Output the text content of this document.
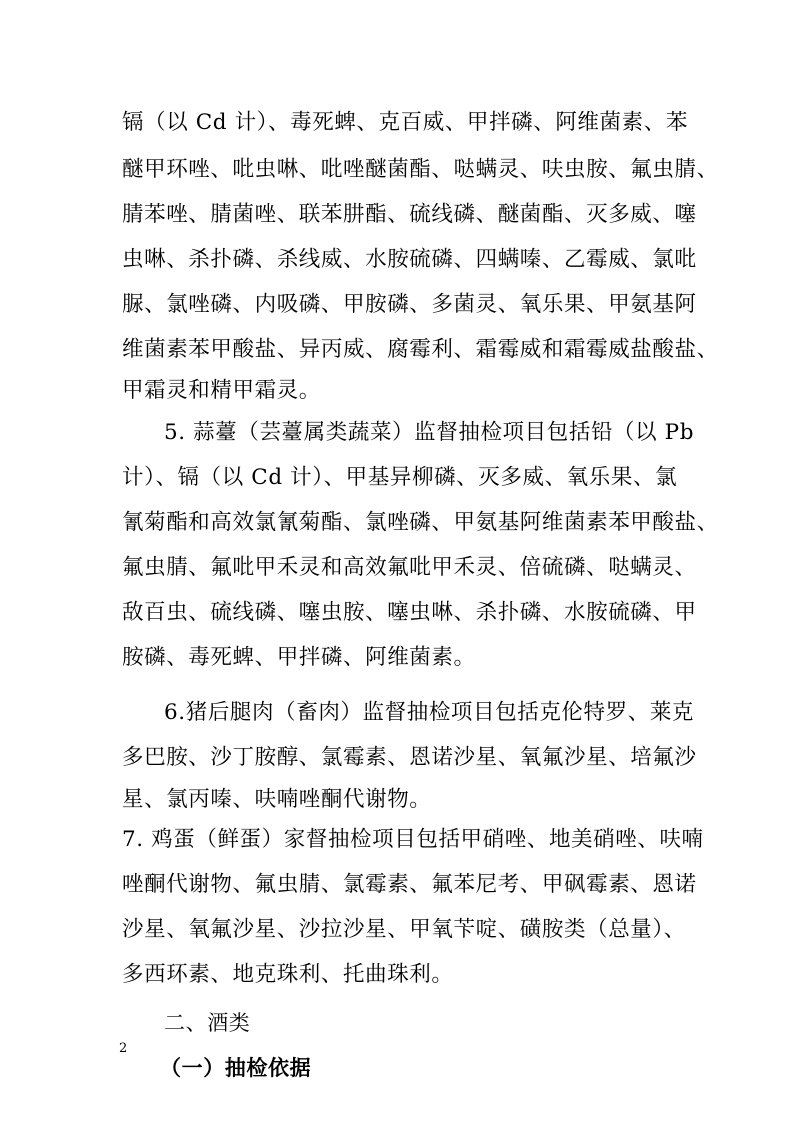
镉（以 Cd 计）、毒死蜱、克百威、甲拌磷、阿维菌素、苯
醚甲环唑、吡虫啉、吡唑醚菌酯、哒螨灵、呋虫胺、氟虫腈、
腈苯唑、腈菌唑、联苯肼酯、硫线磷、醚菌酯、灭多威、噻
虫啉、杀扑磷、杀线威、水胺硫磷、四螨嗪、乙霉威、氯吡
脲、氯唑磷、内吸磷、甲胺磷、多菌灵、氧乐果、甲氨基阿
维菌素苯甲酸盐、异丙威、腐霉利、霜霉威和霜霉威盐酸盐、
甲霜灵和精甲霜灵。
5. 蒜薹（芸薹属类蔬菜）监督抽检项目包括铅（以 Pb
计）、镉（以 Cd 计）、甲基异柳磷、灭多威、氧乐果、氯
氰菊酯和高效氯氰菊酯、氯唑磷、甲氨基阿维菌素苯甲酸盐、
氟虫腈、氟吡甲禾灵和高效氟吡甲禾灵、倍硫磷、哒螨灵、
敌百虫、硫线磷、噻虫胺、噻虫啉、杀扑磷、水胺硫磷、甲
胺磷、毒死蜱、甲拌磷、阿维菌素。
6.猪后腿肉（畜肉）监督抽检项目包括克伦特罗、莱克
多巴胺、沙丁胺醇、氯霉素、恩诺沙星、氧氟沙星、培氟沙
星、氯丙嗪、呋喃唑酮代谢物。
7. 鸡蛋（鲜蛋）家督抽检项目包括甲硝唑、地美硝唑、呋喃
唑酮代谢物、氟虫腈、氯霉素、氟苯尼考、甲砜霉素、恩诺
沙星、氧氟沙星、沙拉沙星、甲氧苄啶、磺胺类（总量）、
多西环素、地克珠利、托曲珠利。
二、酒类
（一）抽检依据
2
